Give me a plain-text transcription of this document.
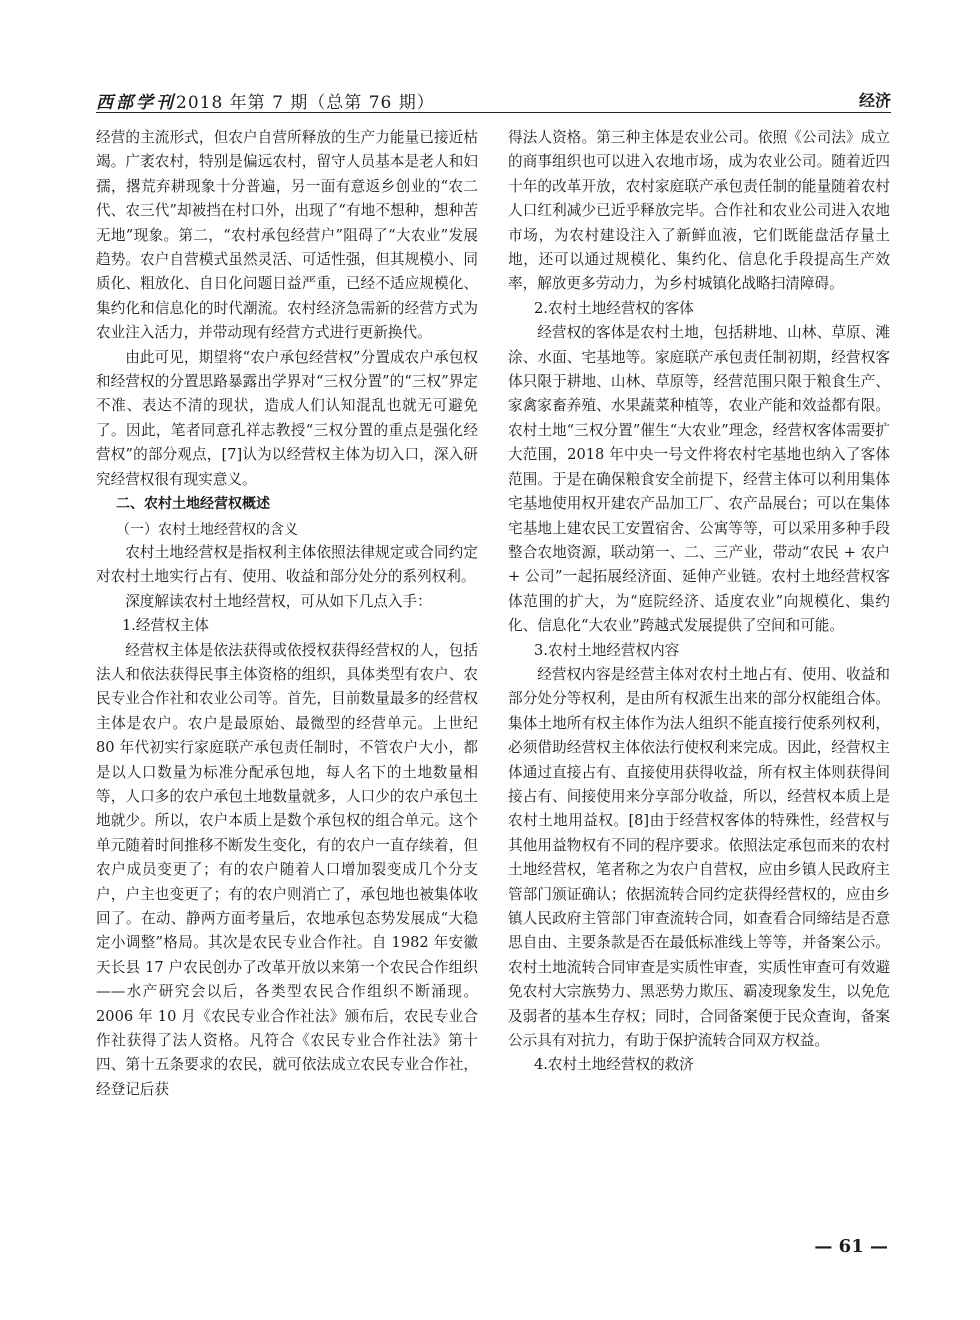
西部学刊2018 年第 7 期（总第 76 期）	经济

经营的主流形式，但农户自营所释放的生产力能量已接近枯竭。广袤农村，特别是偏远农村，留守人员基本是老人和妇孺，撂荒弃耕现象十分普遍，另一面有意返乡创业的“农二代、农三代”却被挡在村口外，出现了“有地不想种，想种苦无地”现象。第二，“农村承包经营户”阻碍了“大农业”发展趋势。农户自营模式虽然灵活、可适性强，但其规模小、同质化、粗放化、自日化问题日益严重，已经不适应规模化、集约化和信息化的时代潮流。农村经济急需新的经营方式为农业注入活力，并带动现有经营方式进行更新换代。

由此可见，期望将“农户承包经营权”分置成农户承包权和经营权的分置思路暴露出学界对“三权分置”的“三权”界定不准、表达不清的现状，造成人们认知混乱也就无可避免了。因此，笔者同意孔祥志教授“三权分置的重点是强化经营权”的部分观点，[7]认为以经营权主体为切入口，深入研究经营权很有现实意义。

二、农村土地经营权概述

（一）农村土地经营权的含义

农村土地经营权是指权利主体依照法律规定或合同约定对农村土地实行占有、使用、收益和部分处分的系列权利。

深度解读农村土地经营权，可从如下几点入手：

1.经营权主体

经营权主体是依法获得或依授权获得经营权的人，包括法人和依法获得民事主体资格的组织，具体类型有农户、农民专业合作社和农业公司等。首先，目前数量最多的经营权主体是农户。农户是最原始、最微型的经营单元。上世纪 80 年代初实行家庭联产承包责任制时，不管农户大小，都是以人口数量为标准分配承包地，每人名下的土地数量相等，人口多的农户承包土地数量就多，人口少的农户承包土地就少。所以，农户本质上是数个承包权的组合单元。这个单元随着时间推移不断发生变化，有的农户一直存续着，但农户成员变更了；有的农户随着人口增加裂变成几个分支户，户主也变更了；有的农户则消亡了，承包地也被集体收回了。在动、静两方面考量后，农地承包态势发展成“大稳定小调整”格局。其次是农民专业合作社。自 1982 年安徽天长县 17 户农民创办了改革开放以来第一个农民合作组织——水产研究会以后，各类型农民合作组织不断涌现。2006 年 10 月《农民专业合作社法》颁布后，农民专业合作社获得了法人资格。凡符合《农民专业合作社法》第十四、第十五条要求的农民，就可依法成立农民专业合作社，经登记后获

得法人资格。第三种主体是农业公司。依照《公司法》成立的商事组织也可以进入农地市场，成为农业公司。随着近四十年的改革开放，农村家庭联产承包责任制的能量随着农村人口红利减少已近乎释放完毕。合作社和农业公司进入农地市场，为农村建设注入了新鲜血液，它们既能盘活存量土地，还可以通过规模化、集约化、信息化手段提高生产效率，解放更多劳动力，为乡村城镇化战略扫清障碍。

2.农村土地经营权的客体

经营权的客体是农村土地，包括耕地、山林、草原、滩涂、水面、宅基地等。家庭联产承包责任制初期，经营权客体只限于耕地、山林、草原等，经营范围只限于粮食生产、家禽家畜养殖、水果蔬菜种植等，农业产能和效益都有限。农村土地“三权分置”催生“大农业”理念，经营权客体需要扩大范围，2018 年中央一号文件将农村宅基地也纳入了客体范围。于是在确保粮食安全前提下，经营主体可以利用集体宅基地使用权开建农产品加工厂、农产品展台；可以在集体宅基地上建农民工安置宿舍、公寓等等，可以采用多种手段整合农地资源，联动第一、二、三产业，带动“农民 + 农户 + 公司”一起拓展经济面、延伸产业链。农村土地经营权客体范围的扩大，为“庭院经济、适度农业”向规模化、集约化、信息化“大农业”跨越式发展提供了空间和可能。

3.农村土地经营权内容

经营权内容是经营主体对农村土地占有、使用、收益和部分处分等权利，是由所有权派生出来的部分权能组合体。集体土地所有权主体作为法人组织不能直接行使系列权利，必须借助经营权主体依法行使权利来完成。因此，经营权主体通过直接占有、直接使用获得收益，所有权主体则获得间接占有、间接使用来分享部分收益，所以，经营权本质上是农村土地用益权。[8]由于经营权客体的特殊性，经营权与其他用益物权有不同的程序要求。依照法定承包而来的农村土地经营权，笔者称之为农户自营权，应由乡镇人民政府主管部门颁证确认；依据流转合同约定获得经营权的，应由乡镇人民政府主管部门审查流转合同，如查看合同缔结是否意思自由、主要条款是否在最低标准线上等等，并备案公示。农村土地流转合同审查是实质性审查，实质性审查可有效避免农村大宗族势力、黑恶势力欺压、霸凌现象发生，以免危及弱者的基本生存权；同时，合同备案便于民众查询，备案公示具有对抗力，有助于保护流转合同双方权益。

4.农村土地经营权的救济

— 61 —
